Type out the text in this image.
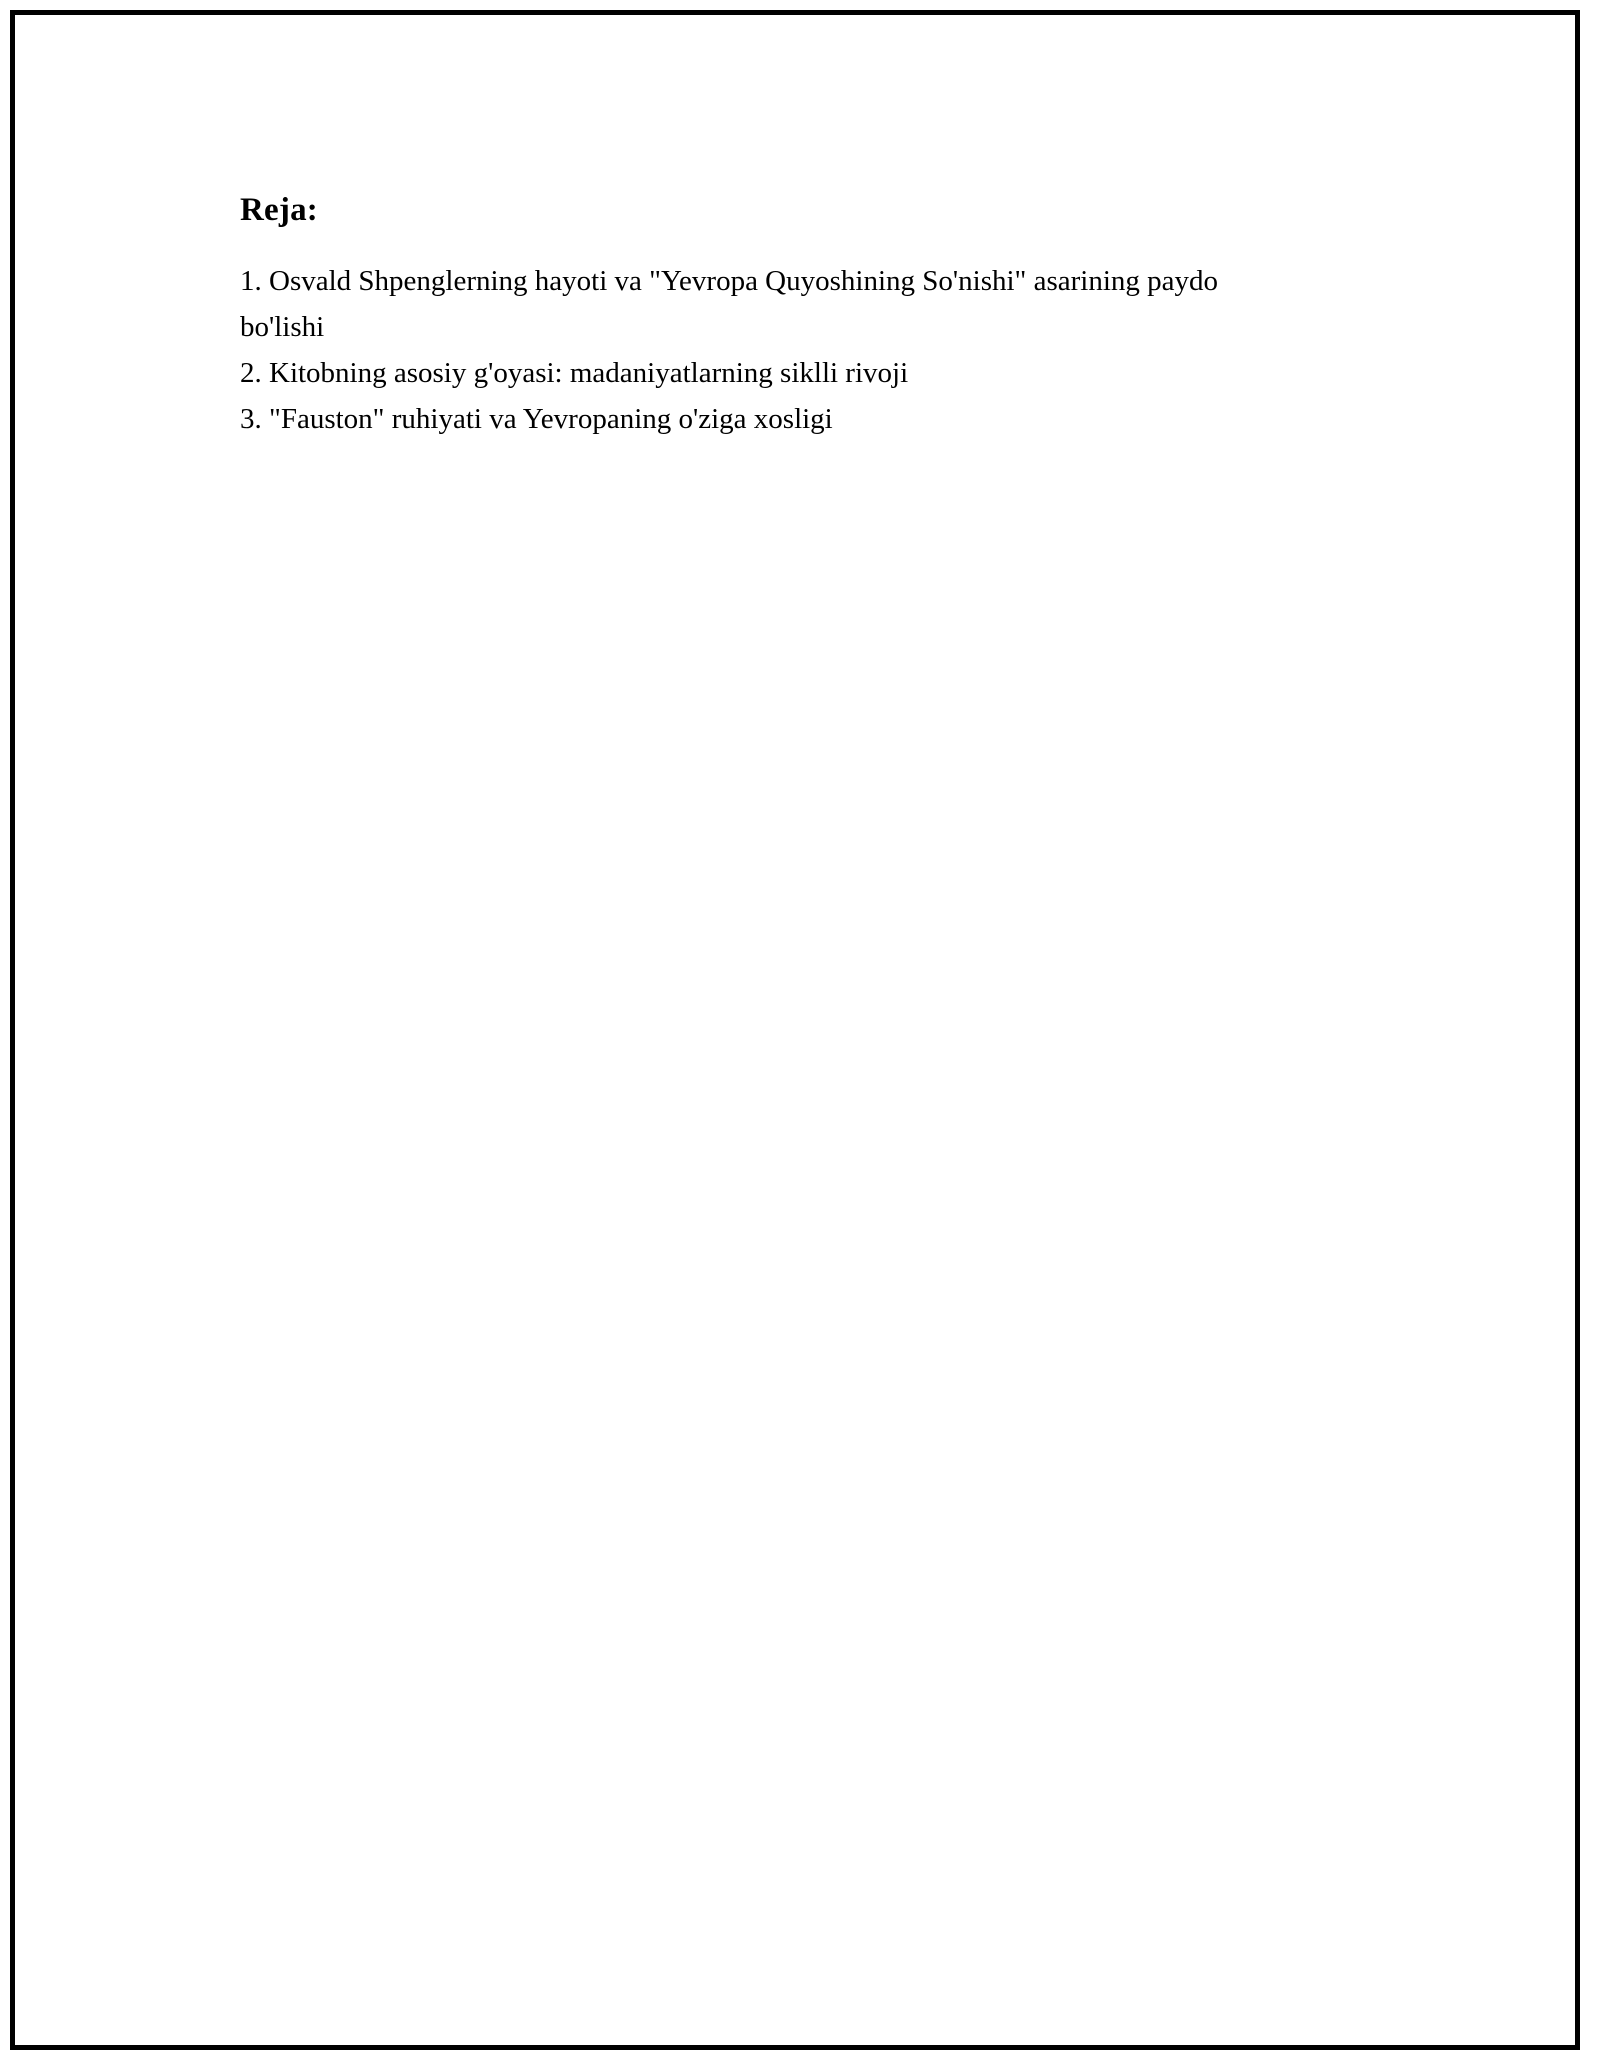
Reja:

1. Osvald Shpenglerning hayoti va "Yevropa Quyoshining So'nishi" asarining paydo bo'lishi

2. Kitobning asosiy g'oyasi: madaniyatlarning siklli rivoji

3. "Fauston" ruhiyati va Yevropaning o'ziga xosligi
